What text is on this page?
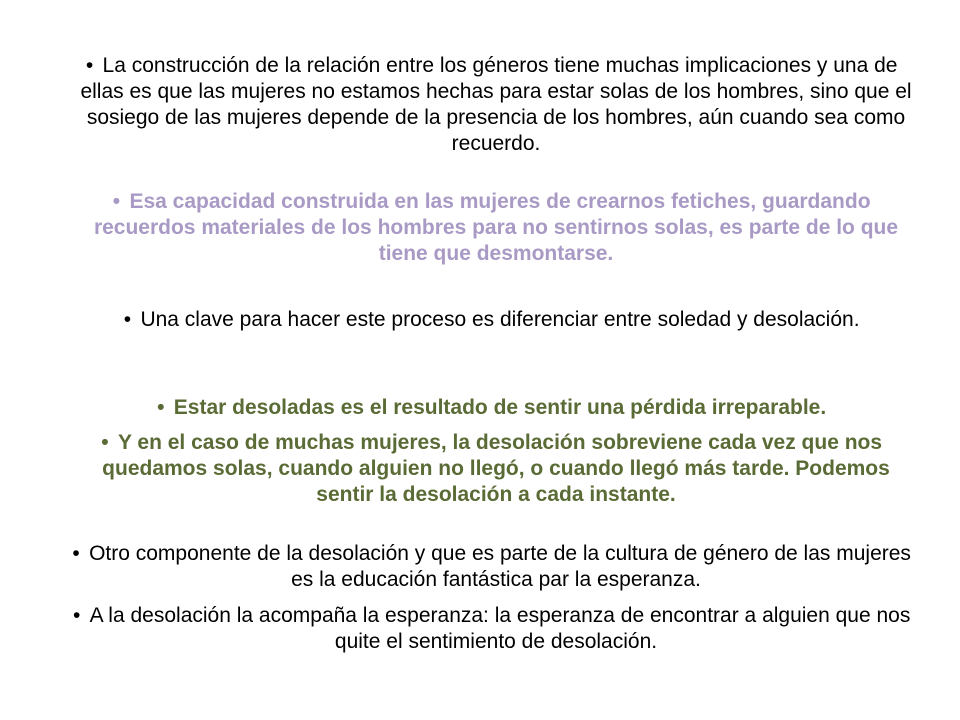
• La construcción de la relación entre los géneros tiene muchas implicaciones y una de ellas es que las mujeres no estamos hechas para estar solas de los hombres, sino que el sosiego de las mujeres depende de la presencia de los hombres, aún cuando sea como recuerdo.

• Esa capacidad construida en las mujeres de crearnos fetiches, guardando recuerdos materiales de los hombres para no sentirnos solas, es parte de lo que tiene que desmontarse.

• Una clave para hacer este proceso es diferenciar entre soledad y desolación.

• Estar desoladas es el resultado de sentir una pérdida irreparable.

• Y en el caso de muchas mujeres, la desolación sobreviene cada vez que nos quedamos solas, cuando alguien no llegó, o cuando llegó más tarde. Podemos sentir la desolación a cada instante.

• Otro componente de la desolación y que es parte de la cultura de género de las mujeres es la educación fantástica par la esperanza.

• A la desolación la acompaña la esperanza: la esperanza de encontrar a alguien que nos quite el sentimiento de desolación.
